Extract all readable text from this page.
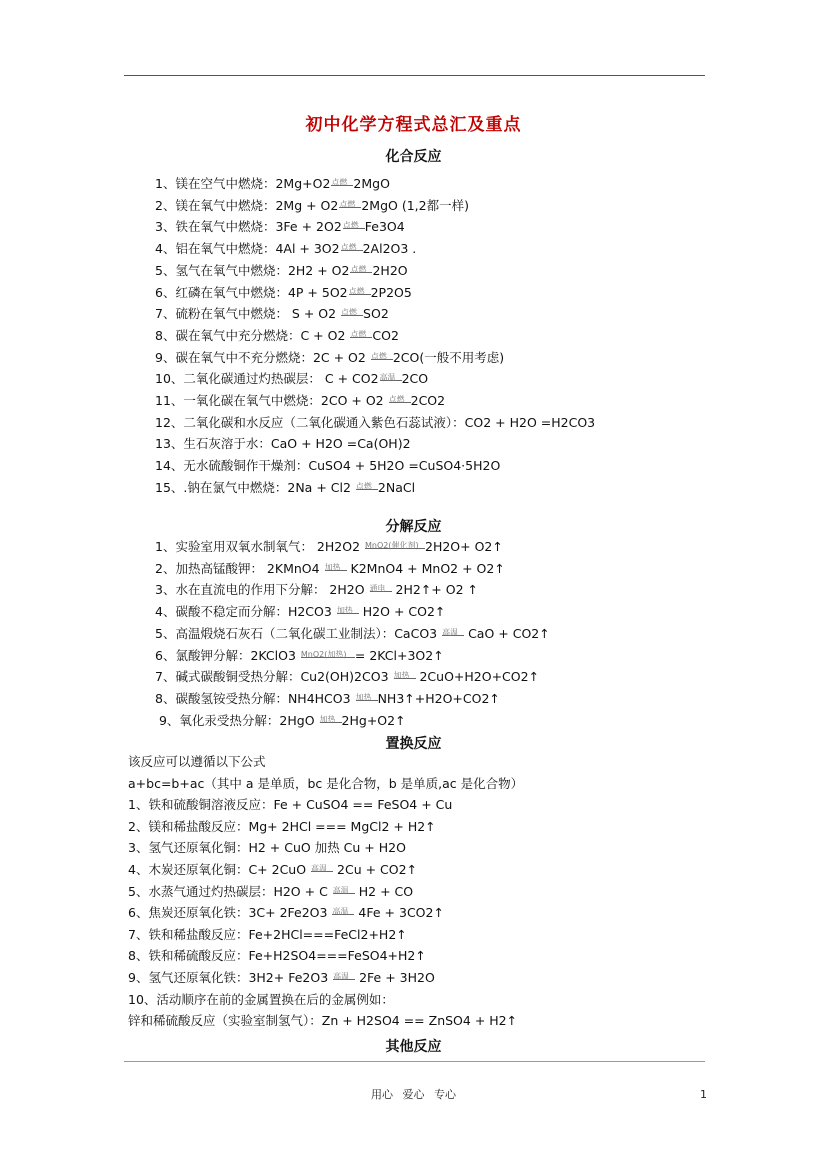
初中化学方程式总汇及重点
化合反应
1、镁在空气中燃烧：2Mg+O2 点燃 2MgO
2、镁在氧气中燃烧：2Mg + O2 点燃 2MgO (1,2都一样)
3、铁在氧气中燃烧：3Fe + 2O2 点燃 Fe3O4
4、铝在氧气中燃烧：4Al + 3O2 点燃 2Al2O3 .
5、氢气在氧气中燃烧：2H2 + O2 点燃 2H2O
6、红磷在氧气中燃烧：4P + 5O2 点燃 2P2O5
7、硫粉在氧气中燃烧： S + O2 点燃 SO2
8、碳在氧气中充分燃烧：C + O2 点燃 CO2
9、碳在氧气中不充分燃烧：2C + O2 点燃 2CO(一般不用考虑)
10、二氧化碳通过灼热碳层： C + CO2 高温 2CO
11、一氧化碳在氧气中燃烧：2CO + O2 点燃 2CO2
12、二氧化碳和水反应（二氧化碳通入紫色石蕊试液）：CO2 + H2O =H2CO3
13、生石灰溶于水：CaO + H2O =Ca(OH)2
14、无水硫酸铜作干燥剂：CuSO4 + 5H2O =CuSO4·5H2O
15、.钠在氯气中燃烧：2Na + Cl2 点燃 2NaCl
分解反应
1、实验室用双氧水制氧气： 2H2O2 MnO2(催化剂) 2H2O+ O2↑
2、加热高锰酸钾： 2KMnO4 加热 K2MnO4 + MnO2 + O2↑
3、水在直流电的作用下分解： 2H2O 通电 2H2↑+ O2 ↑
4、碳酸不稳定而分解：H2CO3 加热 H2O + CO2↑
5、高温煅烧石灰石（二氧化碳工业制法）：CaCO3 高温 CaO + CO2↑
6、氯酸钾分解：2KClO3 MnO2(加热) = 2KCl+3O2↑
7、碱式碳酸铜受热分解：Cu2(OH)2CO3 加热 2CuO+H2O+CO2↑
8、碳酸氢铵受热分解：NH4HCO3 加热 NH3↑+H2O+CO2↑
9、氧化汞受热分解：2HgO 加热 2Hg+O2↑
置换反应
该反应可以遵循以下公式
a+bc=b+ac（其中 a 是单质，bc 是化合物，b 是单质,ac 是化合物）
1、铁和硫酸铜溶液反应：Fe + CuSO4 == FeSO4 + Cu
2、镁和稀盐酸反应：Mg+ 2HCl === MgCl2 + H2↑
3、氢气还原氧化铜：H2 + CuO 加热 Cu + H2O
4、木炭还原氧化铜：C+ 2CuO 高温 2Cu + CO2↑
5、水蒸气通过灼热碳层：H2O + C 高温 H2 + CO
6、焦炭还原氧化铁：3C+ 2Fe2O3 高温 4Fe + 3CO2↑
7、铁和稀盐酸反应：Fe+2HCl===FeCl2+H2↑
8、铁和稀硫酸反应：Fe+H2SO4===FeSO4+H2↑
9、氢气还原氧化铁：3H2+ Fe2O3 高温 2Fe + 3H2O
10、活动顺序在前的金属置换在后的金属例如：
锌和稀硫酸反应（实验室制氢气）：Zn + H2SO4 == ZnSO4 + H2↑
其他反应
用心 爱心 专心	1
